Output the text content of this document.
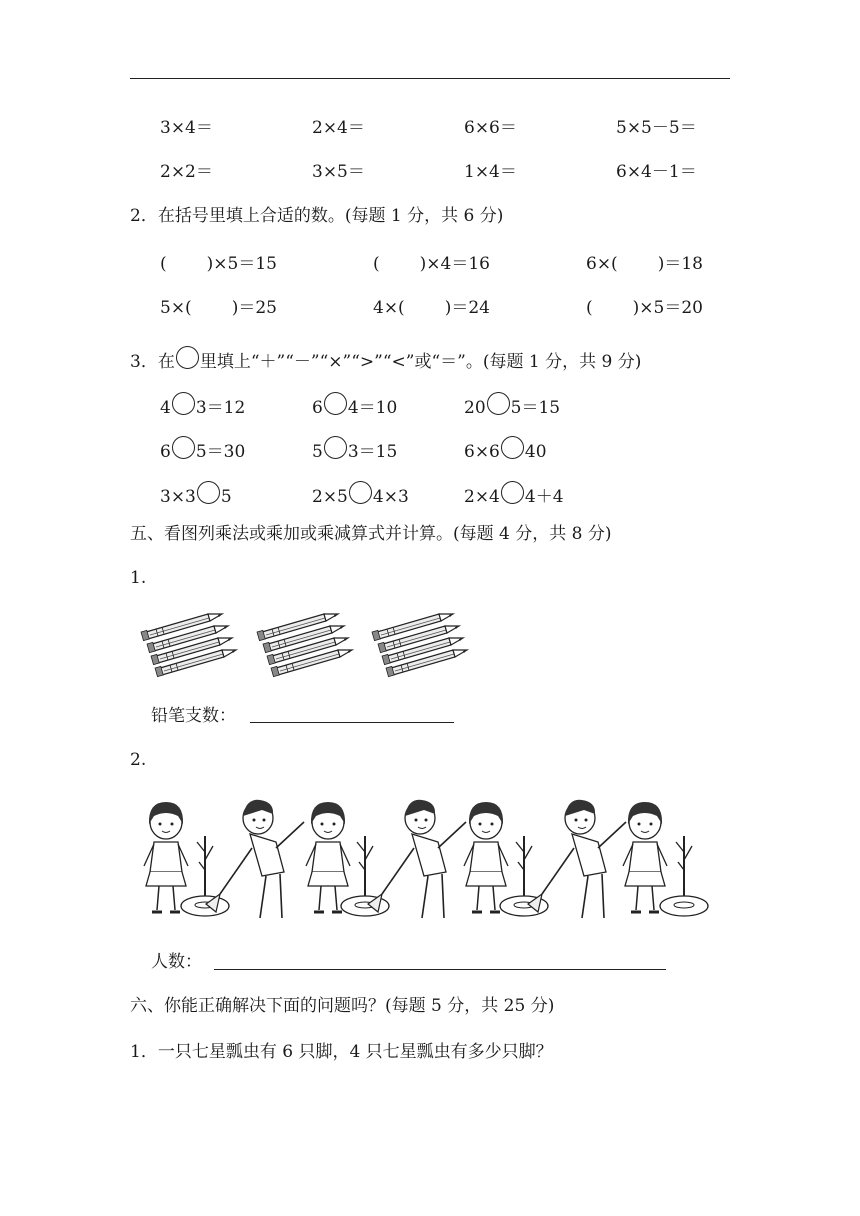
3×4＝	2×4＝	6×6＝	5×5－5＝
2×2＝	3×5＝	1×4＝	6×4－1＝
2．在括号里填上合适的数。(每题 1 分，共 6 分)
( )×5＝15	( )×4＝16	6×( )＝18
5×( )＝25	4×( )＝24	( )×5＝20
3．在 里填上“＋”“－”“×”“>”“<”或“＝”。(每题 1 分，共 9 分)
4 3＝12	6 4＝10	20 5＝15
6 5＝30	5 3＝15	6×6 40
3×3 5	2×5 4×3	2×4 4＋4
五、看图列乘法或乘加或乘减算式并计算。(每题 4 分，共 8 分)
1.
铅笔支数：
2.
人数：
六、你能正确解决下面的问题吗？(每题 5 分，共 25 分)
1．一只七星瓢虫有 6 只脚，4 只七星瓢虫有多少只脚？
